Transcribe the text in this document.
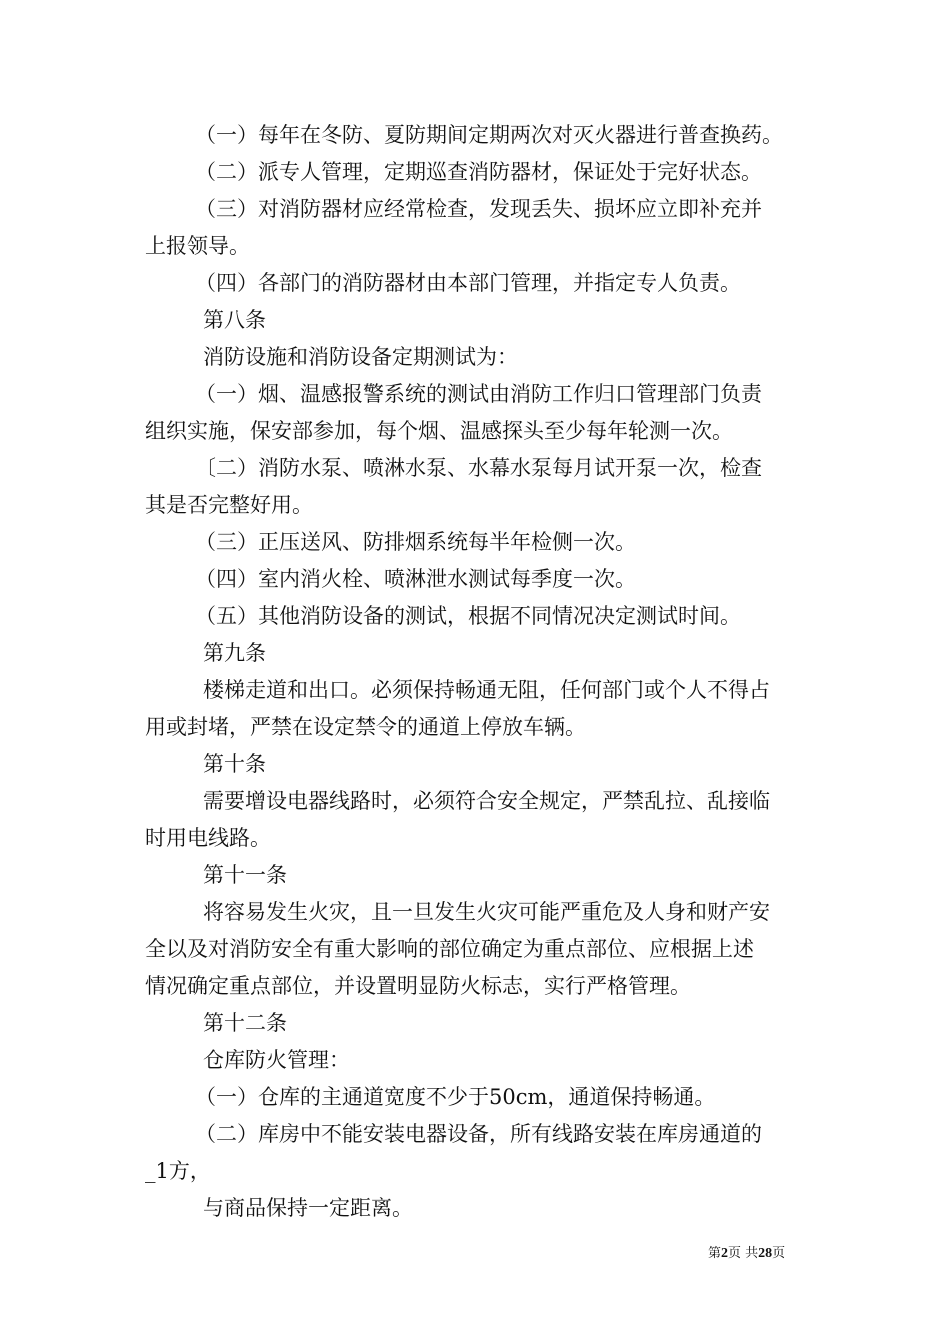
（一）每年在冬防、夏防期间定期两次对灭火器进行普查换药。
（二）派专人管理，定期巡查消防器材，保证处于完好状态。
（三）对消防器材应经常检查，发现丢失、损坏应立即补充并
上报领导。
（四）各部门的消防器材由本部门管理，并指定专人负责。
第八条
消防设施和消防设备定期测试为：
（一）烟、温感报警系统的测试由消防工作归口管理部门负责
组织实施，保安部参加，每个烟、温感探头至少每年轮测一次。
〔二）消防水泵、喷淋水泵、水幕水泵每月试开泵一次，检查
其是否完整好用。
（三）正压送风、防排烟系统每半年检侧一次。
（四）室内消火栓、喷淋泄水测试每季度一次。
（五）其他消防设备的测试，根据不同情况决定测试时间。
第九条
楼梯走道和出口。必须保持畅通无阻，任何部门或个人不得占
用或封堵，严禁在设定禁令的通道上停放车辆。
第十条
需要增设电器线路时，必须符合安全规定，严禁乱拉、乱接临
时用电线路。
第十一条
将容易发生火灾，且一旦发生火灾可能严重危及人身和财产安
全以及对消防安全有重大影响的部位确定为重点部位、应根据上述
情况确定重点部位，并设置明显防火标志，实行严格管理。
第十二条
仓库防火管理：
（一）仓库的主通道宽度不少于50cm，通道保持畅通。
（二）库房中不能安装电器设备，所有线路安装在库房通道的
_1方，
与商品保持一定距离。
第2页 共28页
